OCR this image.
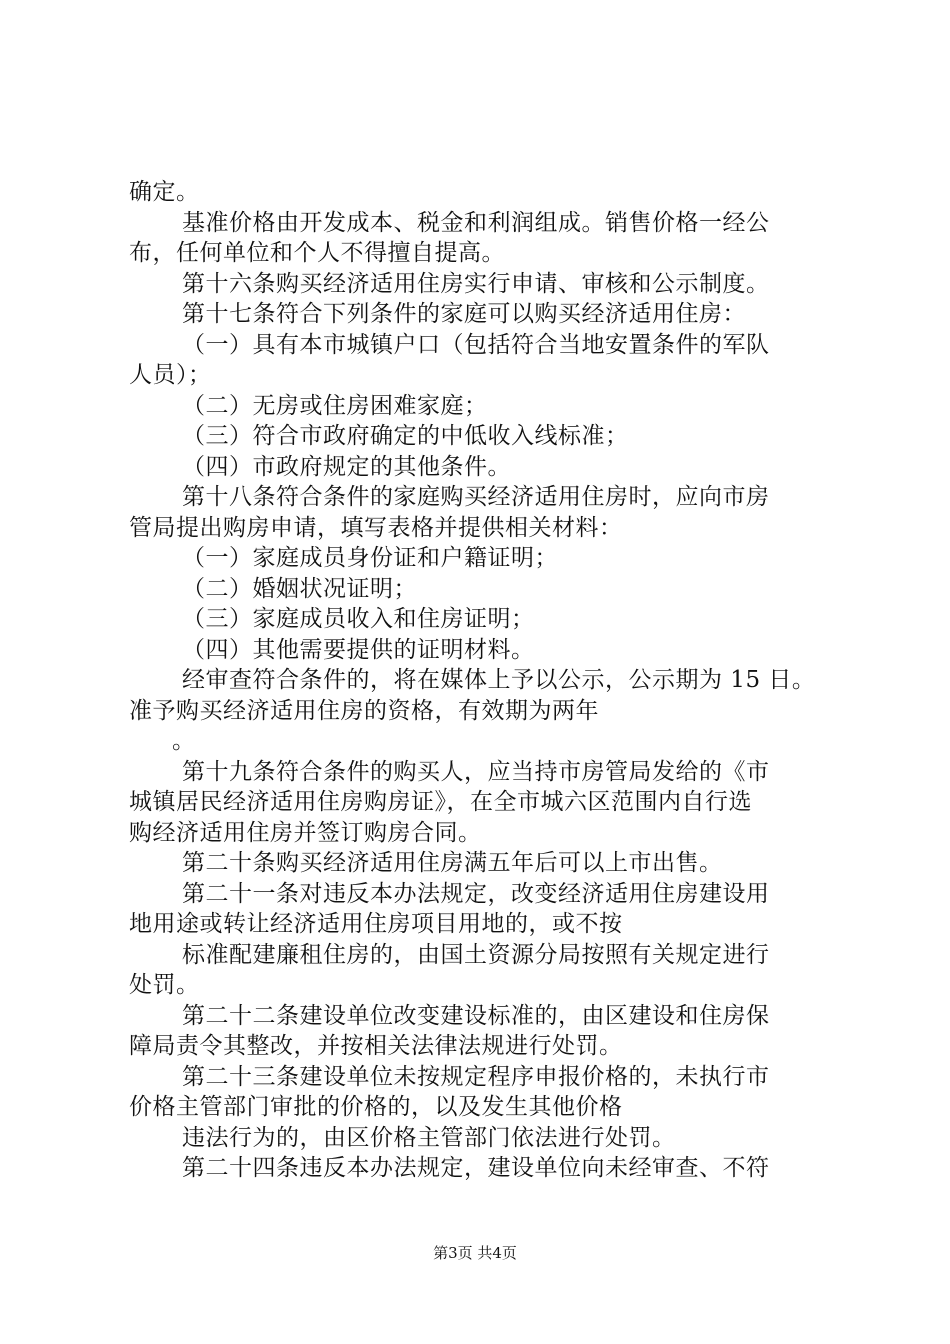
确定。
基准价格由开发成本、税金和利润组成。销售价格一经公
布，任何单位和个人不得擅自提高。
第十六条购买经济适用住房实行申请、审核和公示制度。
第十七条符合下列条件的家庭可以购买经济适用住房：
（一）具有本市城镇户口（包括符合当地安置条件的军队
人员）；
（二）无房或住房困难家庭；
（三）符合市政府确定的中低收入线标准；
（四）市政府规定的其他条件。
第十八条符合条件的家庭购买经济适用住房时，应向市房
管局提出购房申请，填写表格并提供相关材料：
（一）家庭成员身份证和户籍证明；
（二）婚姻状况证明；
（三）家庭成员收入和住房证明；
（四）其他需要提供的证明材料。
经审查符合条件的，将在媒体上予以公示，公示期为 15 日。
准予购买经济适用住房的资格，有效期为两年
。
第十九条符合条件的购买人，应当持市房管局发给的《市
城镇居民经济适用住房购房证》，在全市城六区范围内自行选
购经济适用住房并签订购房合同。
第二十条购买经济适用住房满五年后可以上市出售。
第二十一条对违反本办法规定，改变经济适用住房建设用
地用途或转让经济适用住房项目用地的，或不按
标准配建廉租住房的，由国土资源分局按照有关规定进行
处罚。
第二十二条建设单位改变建设标准的，由区建设和住房保
障局责令其整改，并按相关法律法规进行处罚。
第二十三条建设单位未按规定程序申报价格的，未执行市
价格主管部门审批的价格的，以及发生其他价格
违法行为的，由区价格主管部门依法进行处罚。
第二十四条违反本办法规定，建设单位向未经审查、不符
第3页 共4页
